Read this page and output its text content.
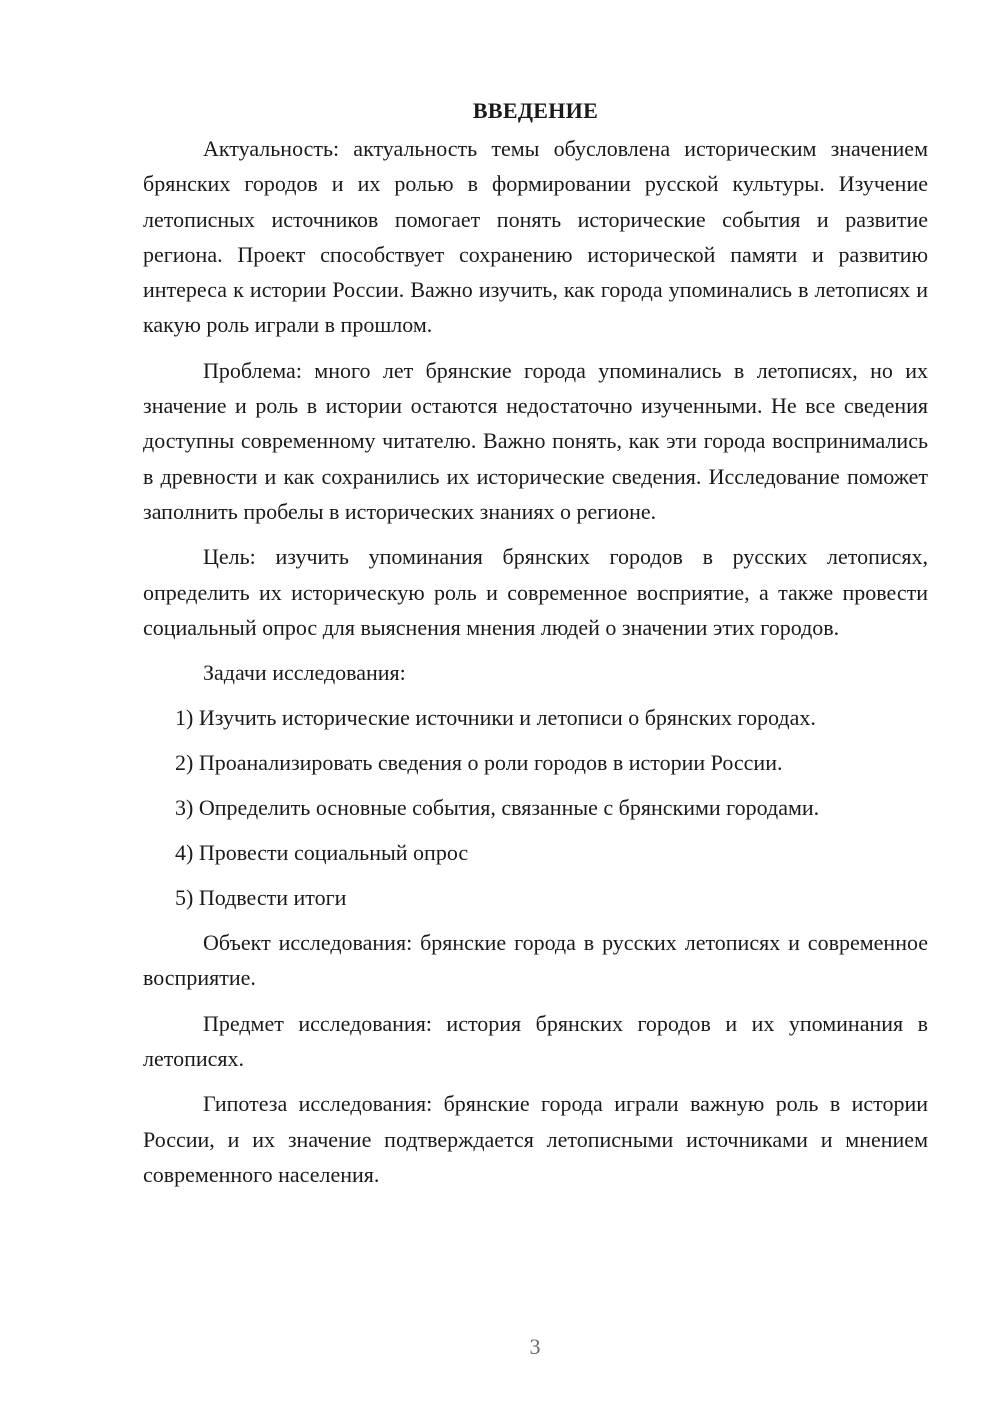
ВВЕДЕНИЕ

Актуальность: актуальность темы обусловлена историческим значением брянских городов и их ролью в формировании русской культуры. Изучение летописных источников помогает понять исторические события и развитие региона. Проект способствует сохранению исторической памяти и развитию интереса к истории России. Важно изучить, как города упоминались в летописях и какую роль играли в прошлом.

Проблема: много лет брянские города упоминались в летописях, но их значение и роль в истории остаются недостаточно изученными. Не все сведения доступны современному читателю. Важно понять, как эти города воспринимались в древности и как сохранились их исторические сведения. Исследование поможет заполнить пробелы в исторических знаниях о регионе.

Цель: изучить упоминания брянских городов в русских летописях, определить их историческую роль и современное восприятие, а также провести социальный опрос для выяснения мнения людей о значении этих городов.

Задачи исследования:
1) Изучить исторические источники и летописи о брянских городах.
2) Проанализировать сведения о роли городов в истории России.
3) Определить основные события, связанные с брянскими городами.
4) Провести социальный опрос
5) Подвести итоги

Объект исследования: брянские города в русских летописях и современное восприятие.

Предмет исследования: история брянских городов и их упоминания в летописях.

Гипотеза исследования: брянские города играли важную роль в истории России, и их значение подтверждается летописными источниками и мнением современного населения.

3
